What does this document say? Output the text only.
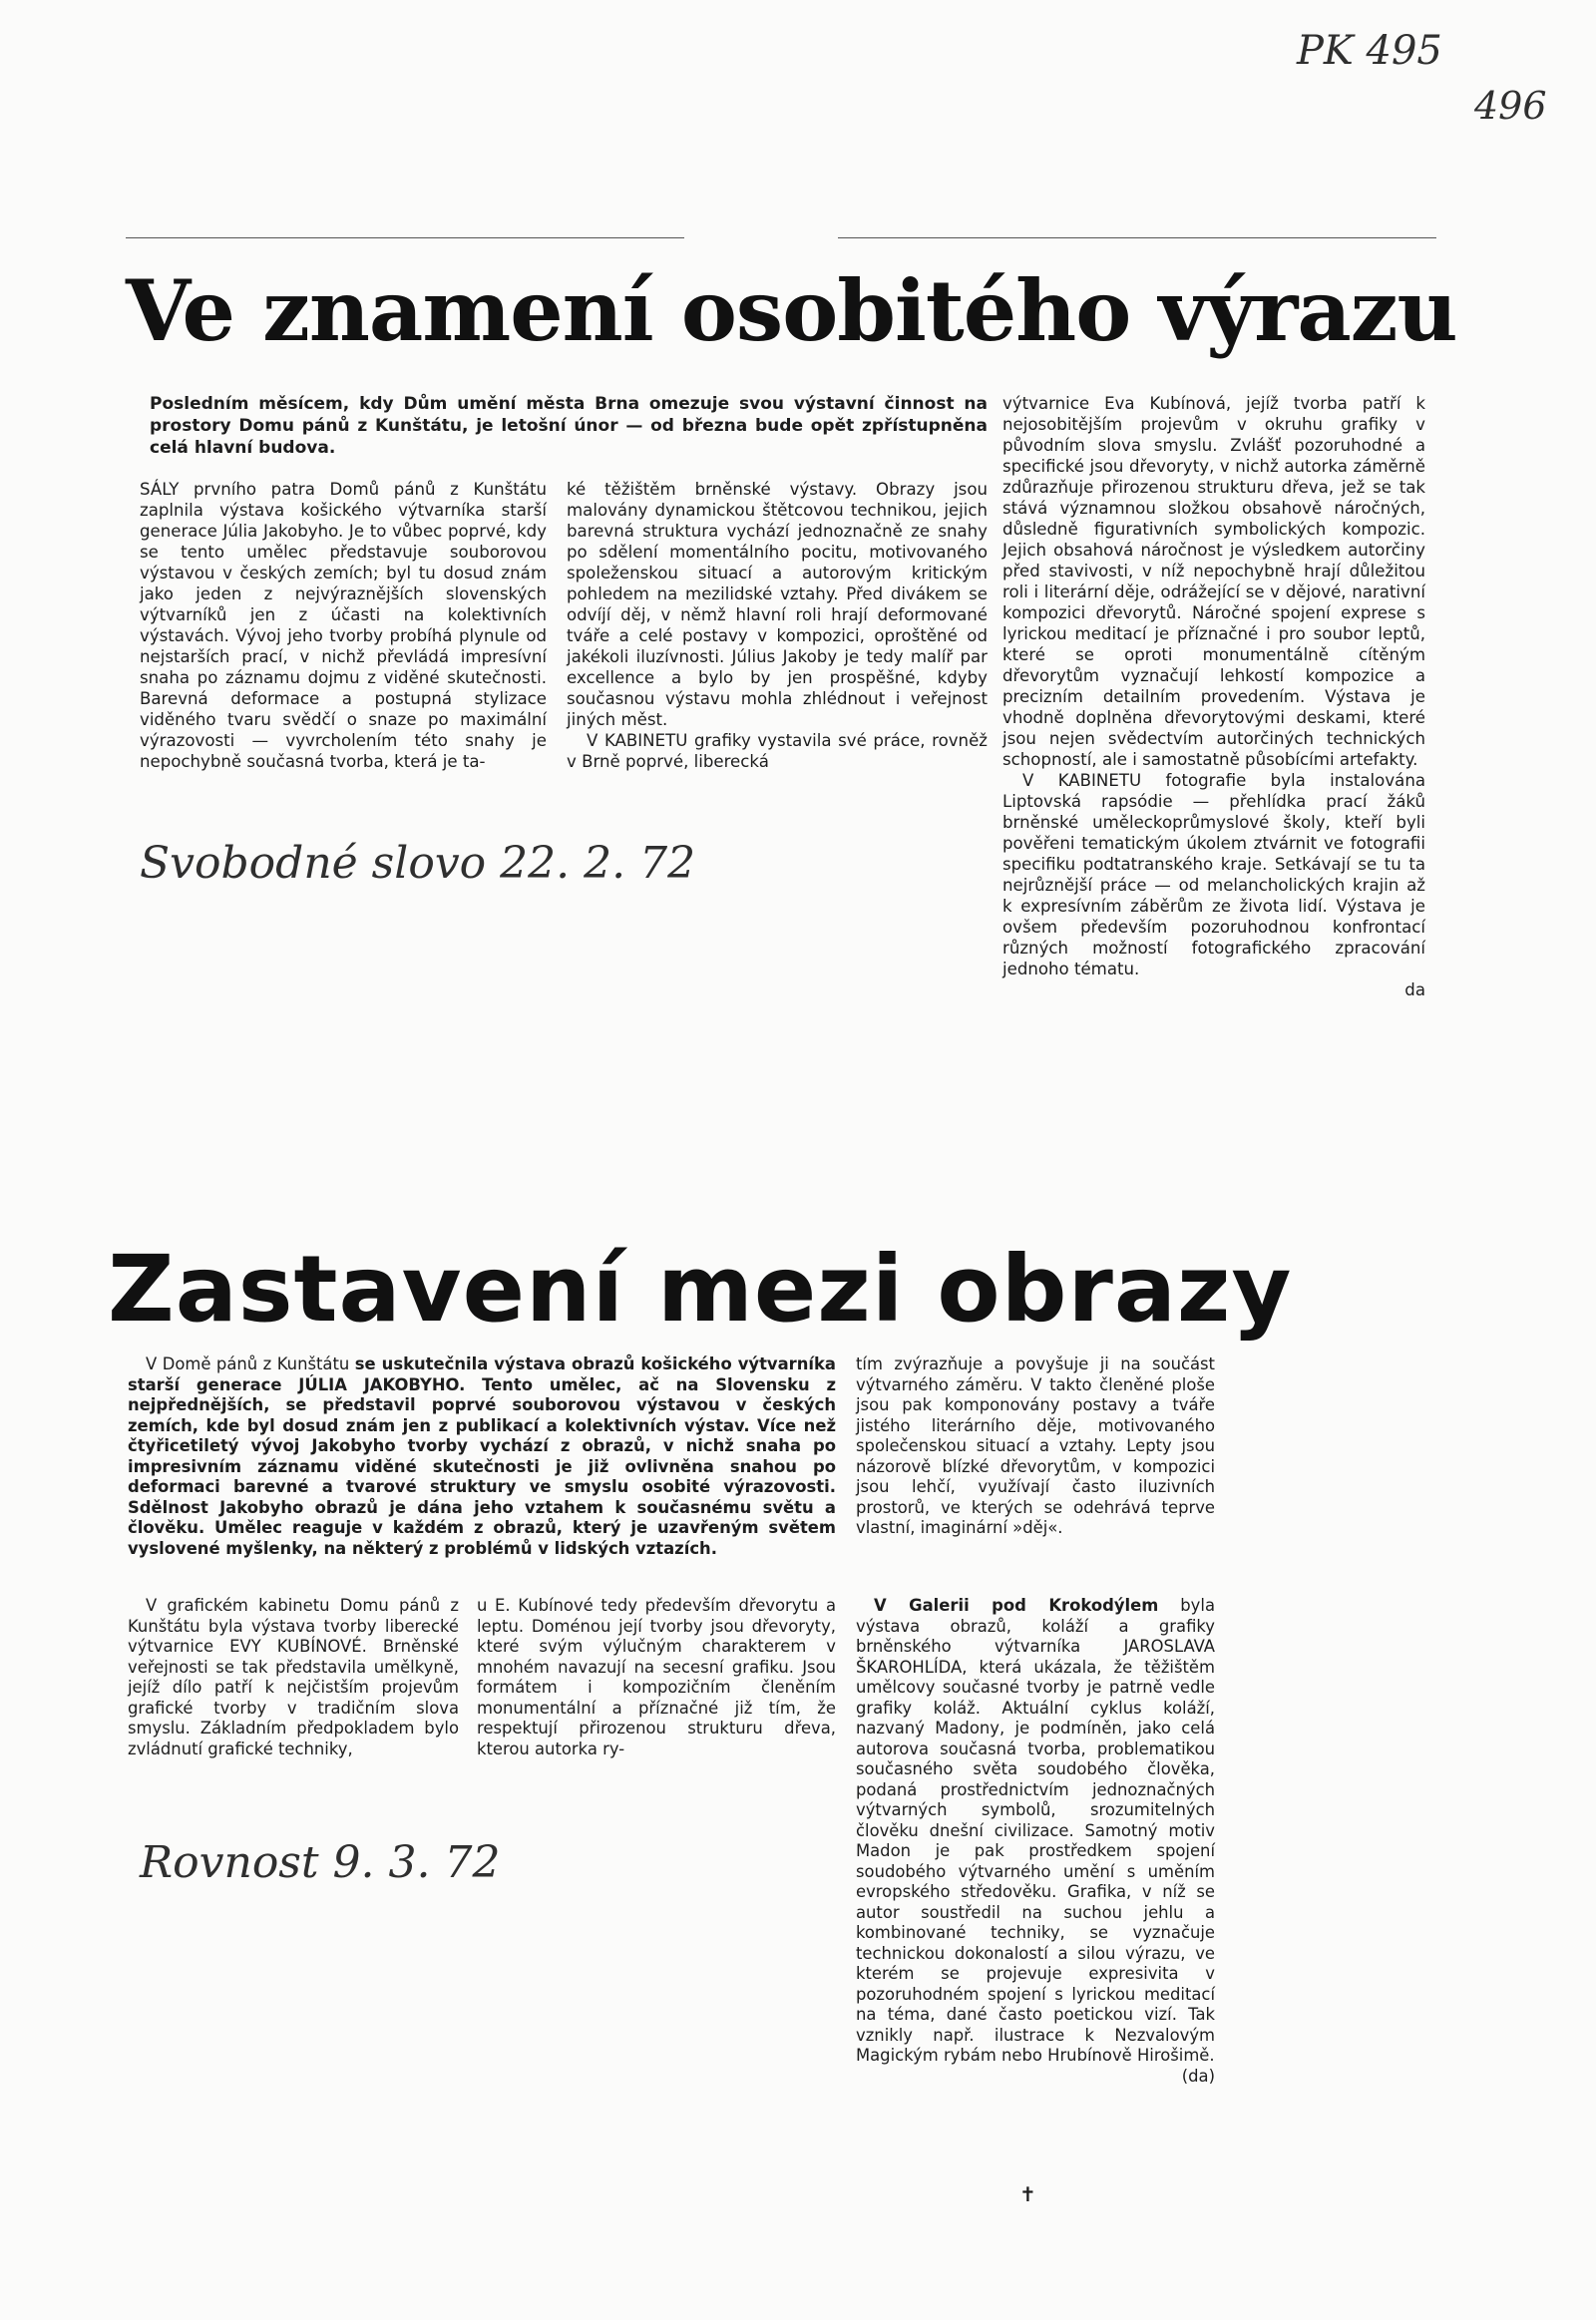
PK 495
496
Ve znamení osobitého výrazu

Posledním měsícem, kdy Dům umění města Brna omezuje svou výstavní činnost na prostory Domu pánů z Kunštátu, je letošní únor — od března bude opět zpřístupněna celá hlavní budova.

SÁLY prvního patra Domů pánů z Kunštátu zaplnila výstava košického výtvarníka starší generace Júlia Jakobyho. Je to vůbec poprvé, kdy se tento umělec představuje souborovou výstavou v českých zemích; byl tu dosud znám jako jeden z nejvýraznějších slovenských výtvarníků jen z účasti na kolektivních výstavách. Vývoj jeho tvorby probíhá plynule od nejstarších prací, v nichž převládá impresívní snaha po záznamu dojmu z viděné skutečnosti. Barevná deformace a postupná stylizace viděného tvaru svědčí o snaze po maximální výrazovosti — vyvrcholením této snahy je nepochybně současná tvorba, která je ta-

ké těžištěm brněnské výstavy. Obrazy jsou malovány dynamickou štětcovou technikou, jejich barevná struktura vychází jednoznačně ze snahy po sdělení momentálního pocitu, motivovaného spoleženskou situací a autorovým kritickým pohledem na mezilidské vztahy. Před divákem se odvíjí děj, v němž hlavní roli hrají deformované tváře a celé postavy v kompozici, oproštěné od jakékoli iluzívnosti. Július Jakoby je tedy malíř par excellence a bylo by jen prospěšné, kdyby současnou výstavu mohla zhlédnout i veřejnost jiných měst.

V KABINETU grafiky vystavila své práce, rovněž v Brně poprvé, liberecká

výtvarnice Eva Kubínová, jejíž tvorba patří k nejosobitějším projevům v okruhu grafiky v původním slova smyslu. Zvlášť pozoruhodné a specifické jsou dřevoryty, v nichž autorka záměrně zdůrazňuje přirozenou strukturu dřeva, jež se tak stává významnou složkou obsahově náročných, důsledně figurativních symbolických kompozic. Jejich obsahová náročnost je výsledkem autorčiny před stavivosti, v níž nepochybně hrají důležitou roli i literární děje, odrážející se v dějové, narativní kompozici dřevorytů. Náročné spojení exprese s lyrickou meditací je příznačné i pro soubor leptů, které se oproti monumentálně cítěným dřevorytům vyznačují lehkostí kompozice a precizním detailním provedením. Výstava je vhodně doplněna dřevorytovými deskami, které jsou nejen svědectvím autorčiných technických schopností, ale i samostatně působícími artefakty.

V KABINETU fotografie byla instalována Liptovská rapsódie — přehlídka prací žáků brněnské uměleckoprůmyslové školy, kteří byli pověřeni tematickým úkolem ztvárnit ve fotografii specifiku podtatranského kraje. Setkávají se tu ta nejrůznější práce — od melancholických krajin až k expresívním záběrům ze života lidí. Výstava je ovšem především pozoruhodnou konfrontací různých možností fotografického zpracování jednoho tématu.

da

Svobodné slovo 22. 2. 72
Zastavení mezi obrazy

V Domě pánů z Kunštátu se uskutečnila výstava obrazů košického výtvarníka starší generace JÚLIA JAKOBYHO. Tento umělec, ač na Slovensku z nejpřednějších, se představil poprvé souborovou výstavou v českých zemích, kde byl dosud znám jen z publikací a kolektivních výstav. Více než čtyřicetiletý vývoj Jakobyho tvorby vychází z obrazů, v nichž snaha po impresivním záznamu viděné skutečnosti je již ovlivněna snahou po deformaci barevné a tvarové struktury ve smyslu osobité výrazovosti. Sdělnost Jakobyho obrazů je dána jeho vztahem k současnému světu a člověku. Umělec reaguje v každém z obrazů, který je uzavřeným světem vyslovené myšlenky, na některý z problémů v lidských vztazích.

tím zvýrazňuje a povyšuje ji na součást výtvarného záměru. V takto členěné ploše jsou pak komponovány postavy a tváře jistého literárního děje, motivovaného společenskou situací a vztahy. Lepty jsou názorově blízké dřevorytům, v kompozici jsou lehčí, využívají často iluzivních prostorů, ve kterých se odehrává teprve vlastní, imaginární »děj«.

V grafickém kabinetu Domu pánů z Kunštátu byla výstava tvorby liberecké výtvarnice EVY KUBÍNOVÉ. Brněnské veřejnosti se tak představila umělkyně, jejíž dílo patří k nejčistším projevům grafické tvorby v tradičním slova smyslu. Základním předpokladem bylo zvládnutí grafické techniky,

u E. Kubínové tedy především dřevorytu a leptu. Doménou její tvorby jsou dřevoryty, které svým výlučným charakterem v mnohém navazují na secesní grafiku. Jsou formátem i kompozičním členěním monumentální a příznačné již tím, že respektují přirozenou strukturu dřeva, kterou autorka ry-

V Galerii pod Krokodýlem byla výstava obrazů, koláží a grafiky brněnského výtvarníka JAROSLAVA ŠKAROHLÍDA, která ukázala, že těžištěm umělcovy současné tvorby je patrně vedle grafiky koláž. Aktuální cyklus koláží, nazvaný Madony, je podmíněn, jako celá autorova současná tvorba, problematikou současného světa soudobého člověka, podaná prostřednictvím jednoznačných výtvarných symbolů, srozumitelných člověku dnešní civilizace. Samotný motiv Madon je pak prostředkem spojení soudobého výtvarného umění s uměním evropského středověku. Grafika, v níž se autor soustředil na suchou jehlu a kombinované techniky, se vyznačuje technickou dokonalostí a silou výrazu, ve kterém se projevuje expresivita v pozoruhodném spojení s lyrickou meditací na téma, dané často poetickou vizí. Tak vznikly např. ilustrace k Nezvalovým Magickým rybám nebo Hrubínově Hirošimě.

(da)

Rovnost 9. 3. 72
✝
